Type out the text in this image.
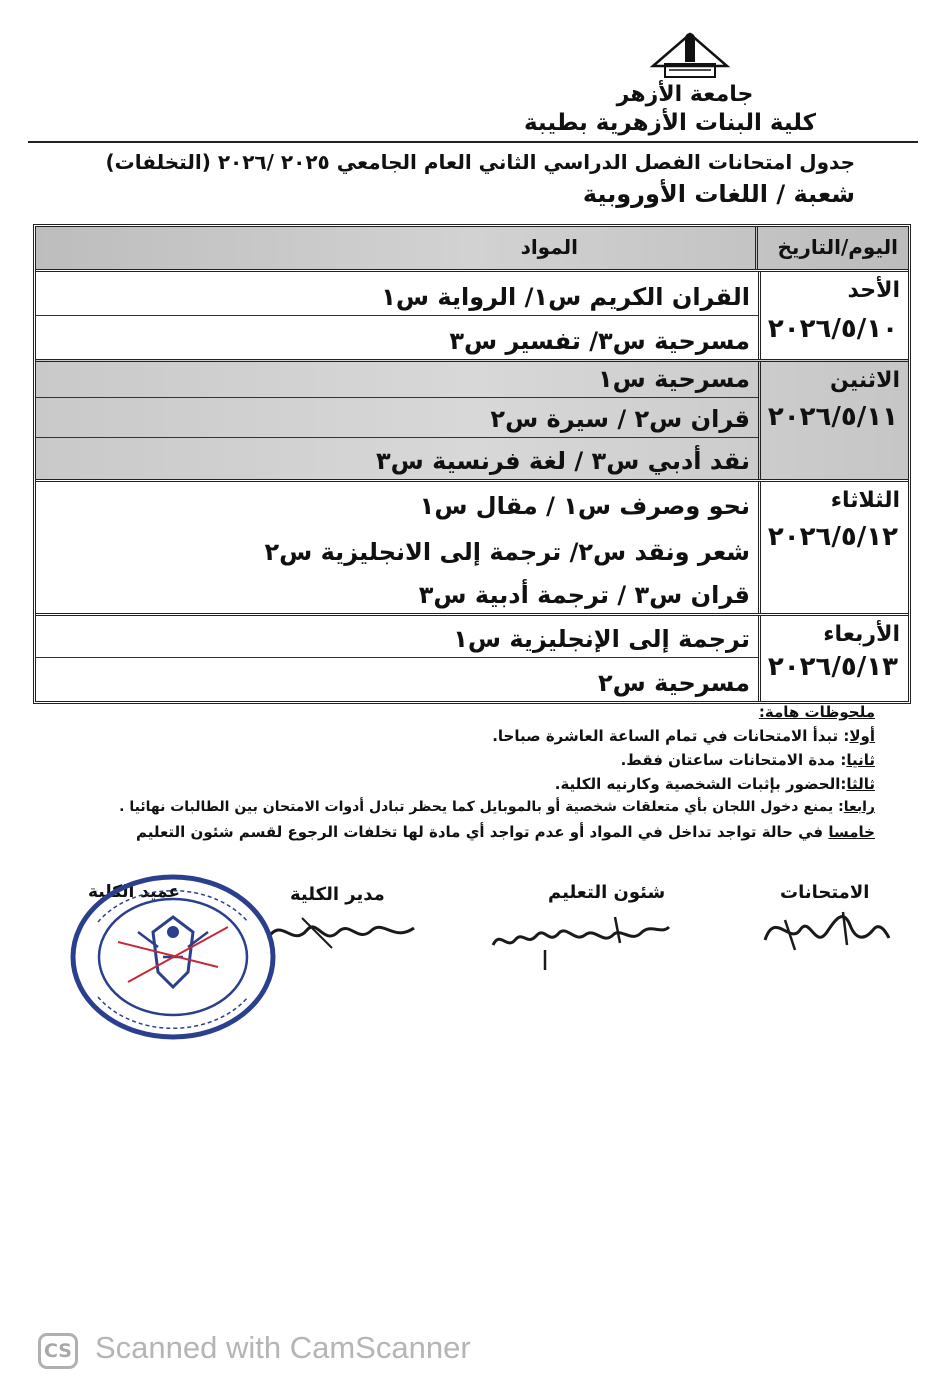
جامعة الأزهر
كلية البنات الأزهرية بطيبة
جدول امتحانات الفصل الدراسي الثاني العام الجامعي ٢٠٢٥ /٢٠٢٦ (التخلفات)
شعبة / اللغات الأوروبية
اليوم/التاريخ
المواد
الأحد
٢٠٢٦/٥/١٠
القران الكريم س١/ الرواية س١
مسرحية س٣/ تفسير س٣
الاثنين
٢٠٢٦/٥/١١
مسرحية س١
قران س٢ / سيرة س٢
نقد أدبي س٣ / لغة فرنسية س٣
الثلاثاء
٢٠٢٦/٥/١٢
نحو وصرف س١ / مقال س١
شعر ونقد س٢/ ترجمة إلى الانجليزية س٢
قران س٣ / ترجمة أدبية س٣
الأربعاء
٢٠٢٦/٥/١٣
ترجمة إلى الإنجليزية س١
مسرحية س٢
ملحوظات هامة:
أولا: تبدأ الامتحانات في تمام الساعة العاشرة صباحا.
ثانيا: مدة الامتحانات ساعتان فقط.
ثالثا:الحضور بإثبات الشخصية وكارنيه الكلية.
رابعا: يمنع دخول اللجان بأي متعلقات شخصية أو بالموبايل كما يحظر تبادل أدوات الامتحان بين الطالبات نهائيا .
خامسا في حالة تواجد تداخل في المواد أو عدم تواجد أي مادة لها تخلفات الرجوع لقسم شئون التعليم
الامتحانات
شئون التعليم
مدير الكلية
عميد الكلية
CS Scanned with CamScanner
